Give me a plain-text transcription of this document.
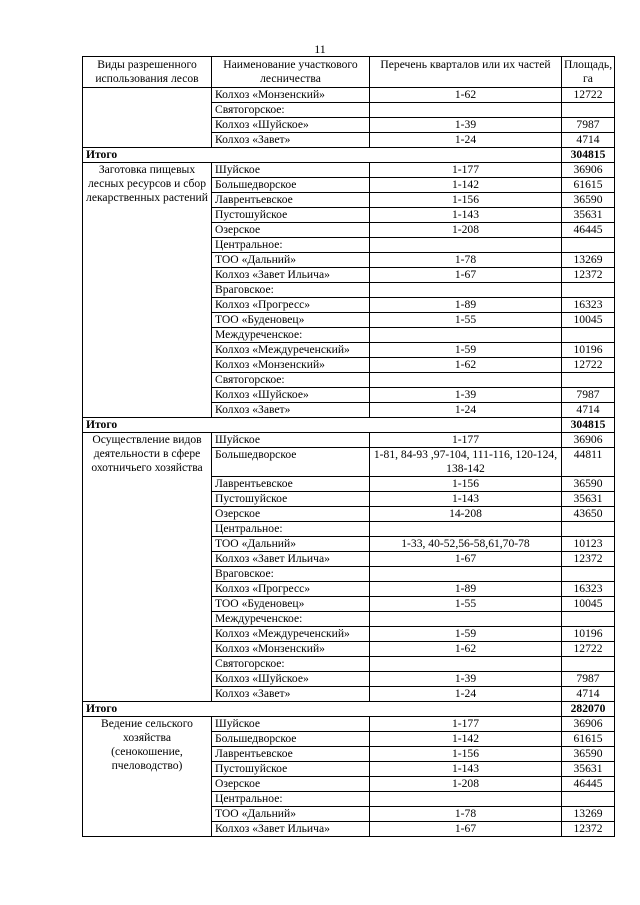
11
Виды разрешенного использования лесов	Наименование участкового лесничества	Перечень кварталов или их частей	Площадь, га
	Колхоз «Монзенский»	1-62	12722
	Святогорское:		
	Колхоз «Шуйское»	1-39	7987
	Колхоз «Завет»	1-24	4714
Итого			304815
Заготовка пищевых лесных ресурсов и сбор лекарственных растений	Шуйское	1-177	36906
	Большедворское	1-142	61615
	Лаврентьевское	1-156	36590
	Пустошуйское	1-143	35631
	Озерское	1-208	46445
	Центральное:		
	ТОО «Дальний»	1-78	13269
	Колхоз «Завет Ильича»	1-67	12372
	Враговское:		
	Колхоз «Прогресс»	1-89	16323
	ТОО «Буденовец»	1-55	10045
	Междуреченское:		
	Колхоз «Междуреченский»	1-59	10196
	Колхоз «Монзенский»	1-62	12722
	Святогорское:		
	Колхоз «Шуйское»	1-39	7987
	Колхоз «Завет»	1-24	4714
Итого			304815
Осуществление видов деятельности в сфере охотничьего хозяйства	Шуйское	1-177	36906
	Большедворское	1-81, 84-93 ,97-104, 111-116, 120-124, 138-142	44811
	Лаврентьевское	1-156	36590
	Пустошуйское	1-143	35631
	Озерское	14-208	43650
	Центральное:		
	ТОО «Дальний»	1-33, 40-52,56-58,61,70-78	10123
	Колхоз «Завет Ильича»	1-67	12372
	Враговское:		
	Колхоз «Прогресс»	1-89	16323
	ТОО «Буденовец»	1-55	10045
	Междуреченское:		
	Колхоз «Междуреченский»	1-59	10196
	Колхоз «Монзенский»	1-62	12722
	Святогорское:		
	Колхоз «Шуйское»	1-39	7987
	Колхоз «Завет»	1-24	4714
Итого			282070
Ведение сельского хозяйства (сенокошение, пчеловодство)	Шуйское	1-177	36906
	Большедворское	1-142	61615
	Лаврентьевское	1-156	36590
	Пустошуйское	1-143	35631
	Озерское	1-208	46445
	Центральное:		
	ТОО «Дальний»	1-78	13269
	Колхоз «Завет Ильича»	1-67	12372
